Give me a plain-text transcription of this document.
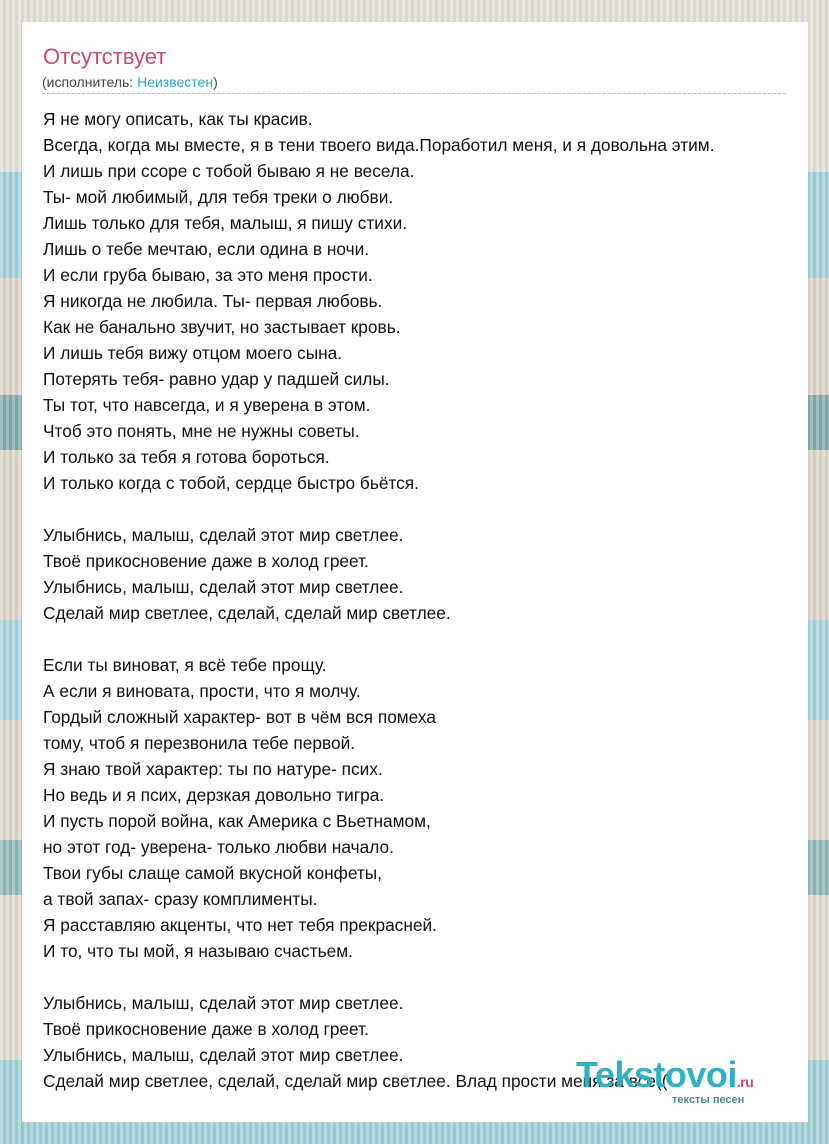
Отсутствует
(исполнитель: Неизвестен)
Я не могу описать, как ты красив.
Всегда, когда мы вместе, я в тени твоего вида.Поработил меня, и я довольна этим.
И лишь при ссоре с тобой бываю я не весела.
Ты- мой любимый, для тебя треки о любви.
Лишь только для тебя, малыш, я пишу стихи.
Лишь о тебе мечтаю, если одина в ночи.
И если груба бываю, за это меня прости.
Я никогда не любила. Ты- первая любовь.
Как не банально звучит, но застывает кровь.
И лишь тебя вижу отцом моего сына.
Потерять тебя- равно удар у падшей силы.
Ты тот, что навсегда, и я уверена в этом.
Чтоб это понять, мне не нужны советы.
И только за тебя я готова бороться.
И только когда с тобой, сердце быстро бьётся.
Улыбнись, малыш, сделай этот мир светлее.
Твоё прикосновение даже в холод греет.
Улыбнись, малыш, сделай этот мир светлее.
Сделай мир светлее, сделай, сделай мир светлее.
Если ты виноват, я всё тебе прощу.
А если я виновата, прости, что я молчу.
Гордый сложный характер- вот в чём вся помеха
тому, чтоб я перезвонила тебе первой.
Я знаю твой характер: ты по натуре- псих.
Но ведь и я псих, дерзкая довольно тигра.
И пусть порой война, как Америка с Вьетнамом,
но этот год- уверена- только любви начало.
Твои губы слаще самой вкусной конфеты,
а твой запах- сразу комплименты.
Я расставляю акценты, что нет тебя прекрасней.
И то, что ты мой, я называю счастьем.
Улыбнись, малыш, сделай этот мир светлее.
Твоё прикосновение даже в холод греет.
Улыбнись, малыш, сделай этот мир светлее.
Сделай мир светлее, сделай, сделай мир светлее. Влад прости меня за все((
Tekstovoi.ru
тексты песен
